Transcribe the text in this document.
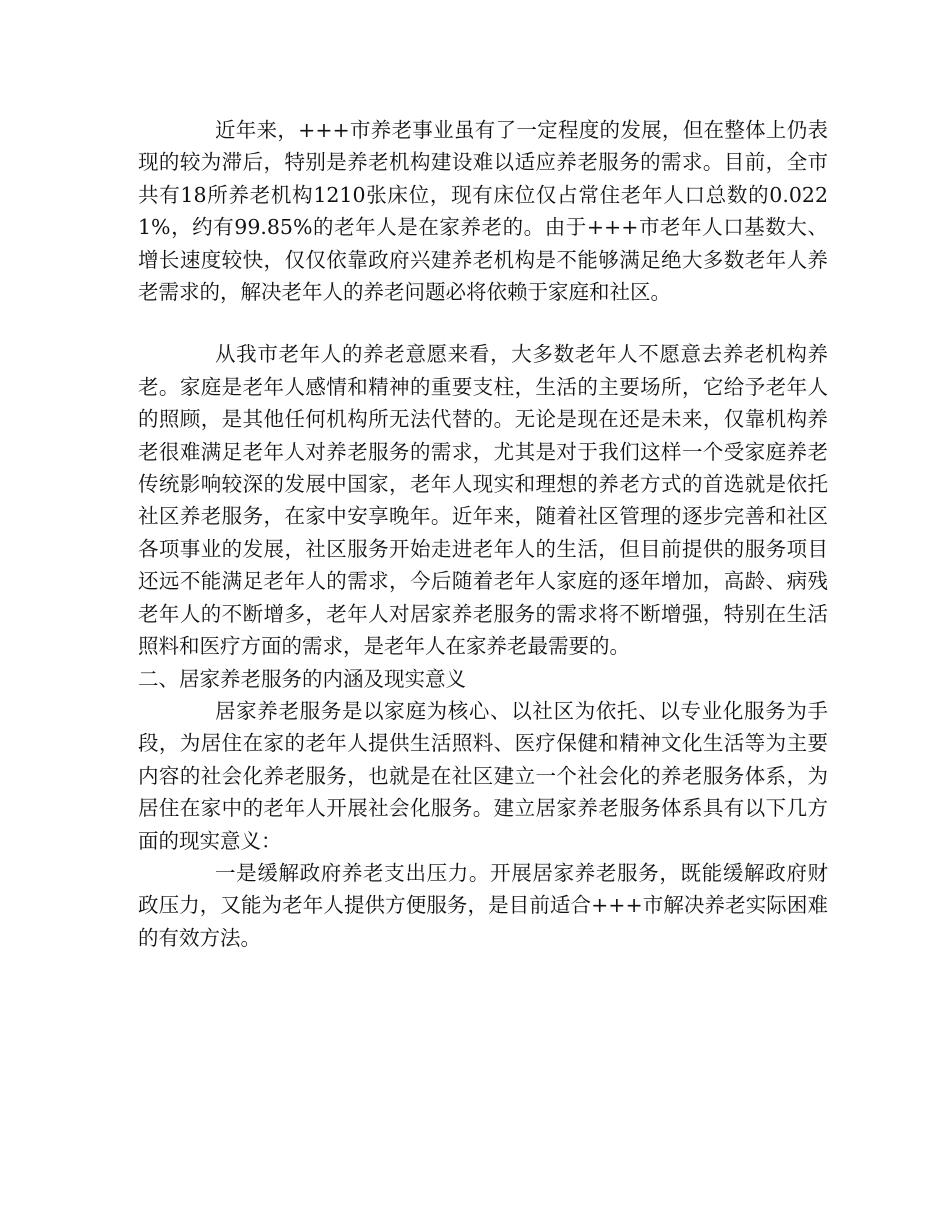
近年来，+++市养老事业虽有了一定程度的发展，但在整体上仍表现的较为滞后，特别是养老机构建设难以适应养老服务的需求。目前，全市共有18所养老机构1210张床位，现有床位仅占常住老年人口总数的0.0221%，约有99.85%的老年人是在家养老的。由于+++市老年人口基数大、增长速度较快，仅仅依靠政府兴建养老机构是不能够满足绝大多数老年人养老需求的，解决老年人的养老问题必将依赖于家庭和社区。

从我市老年人的养老意愿来看，大多数老年人不愿意去养老机构养老。家庭是老年人感情和精神的重要支柱，生活的主要场所，它给予老年人的照顾，是其他任何机构所无法代替的。无论是现在还是未来，仅靠机构养老很难满足老年人对养老服务的需求，尤其是对于我们这样一个受家庭养老传统影响较深的发展中国家，老年人现实和理想的养老方式的首选就是依托社区养老服务，在家中安享晚年。近年来，随着社区管理的逐步完善和社区各项事业的发展，社区服务开始走进老年人的生活，但目前提供的服务项目还远不能满足老年人的需求，今后随着老年人家庭的逐年增加，高龄、病残老年人的不断增多，老年人对居家养老服务的需求将不断增强，特别在生活照料和医疗方面的需求，是老年人在家养老最需要的。

二、居家养老服务的内涵及现实意义

居家养老服务是以家庭为核心、以社区为依托、以专业化服务为手段，为居住在家的老年人提供生活照料、医疗保健和精神文化生活等为主要内容的社会化养老服务，也就是在社区建立一个社会化的养老服务体系，为居住在家中的老年人开展社会化服务。建立居家养老服务体系具有以下几方面的现实意义：

一是缓解政府养老支出压力。开展居家养老服务，既能缓解政府财政压力，又能为老年人提供方便服务，是目前适合+++市解决养老实际困难的有效方法。
